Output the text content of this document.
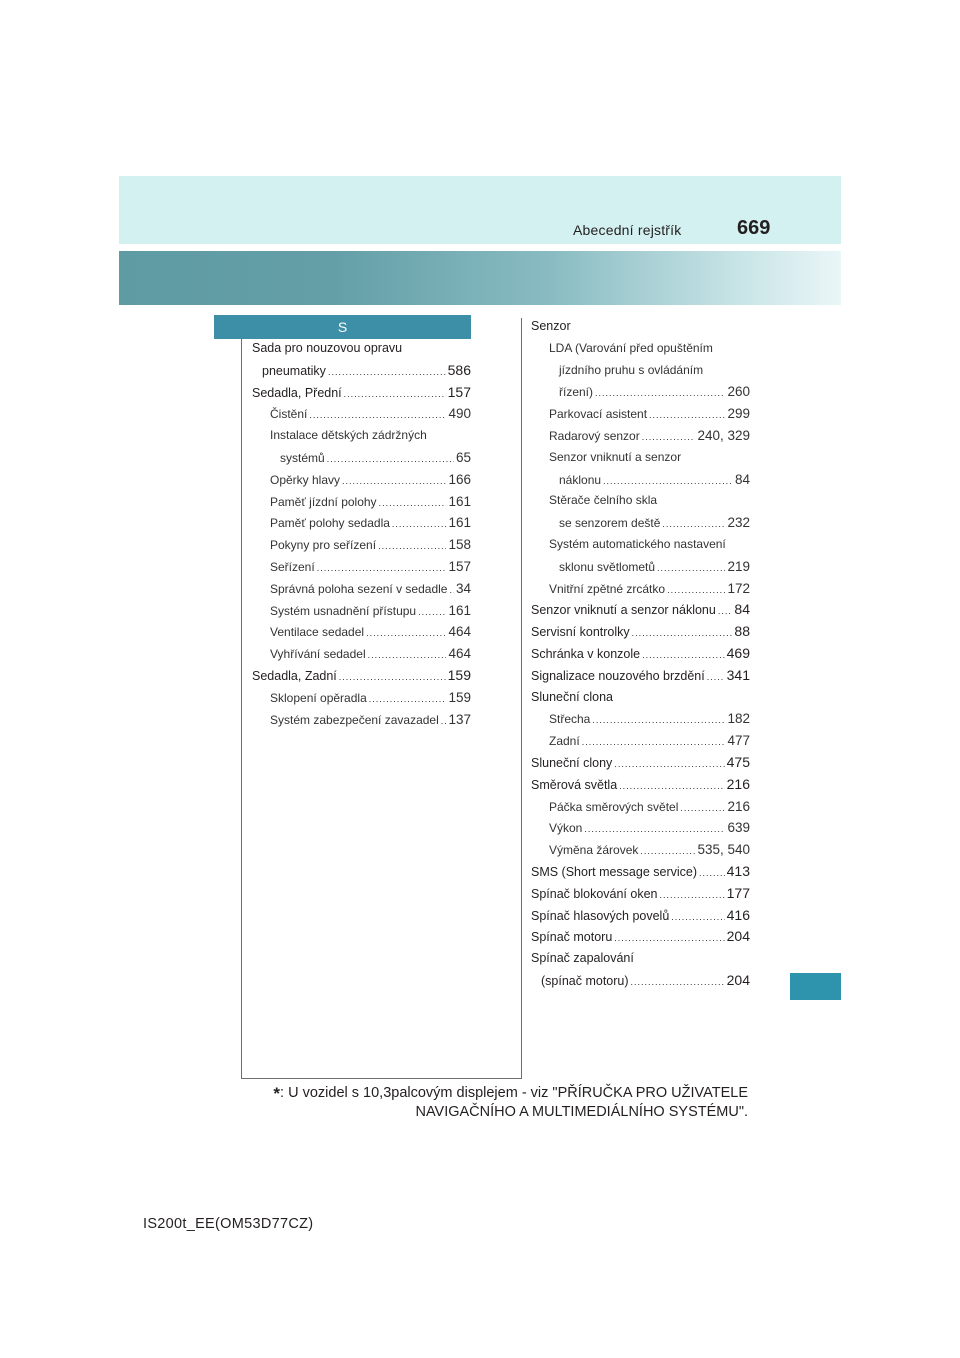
Abecední rejstřík	669
S
Sada pro nouzovou opravu
pneumatiky .....	586
Sedadla, Přední .....	157
Čistění .....	490
Instalace dětských zádržných
systémů .....	65
Opěrky hlavy .....	166
Paměť jízdní polohy .....	161
Paměť polohy sedadla .....	161
Pokyny pro seřízení .....	158
Seřízení .....	157
Správná poloha sezení v sedadle ..... 34
Systém usnadnění přístupu ..... 161
Ventilace sedadel .....	464
Vyhřívání sedadel .....	464
Sedadla, Zadní .....	159
Sklopení opěradla .....	159
Systém zabezpečení zavazadel ..... 137
Senzor
LDA (Varování před opuštěním
jízdního pruhu s ovládáním
řízení) .....	260
Parkovací asistent .....	299
Radarový senzor .....	240, 329
Senzor vniknutí a senzor
náklonu .....	84
Stěrače čelního skla
se senzorem deště .....	232
Systém automatického nastavení
sklonu světlometů .....	219
Vnitřní zpětné zrcátko .....	172
Senzor vniknutí a senzor náklonu ..... 84
Servisní kontrolky .....	88
Schránka v konzole .....	469
Signalizace nouzového brzdění ..... 341
Sluneční clona
Střecha .....	182
Zadní .....	477
Sluneční clony .....	475
Směrová světla .....	216
Páčka směrových světel .....	216
Výkon .....	639
Výměna žárovek .....	535, 540
SMS (Short message service) ..... 413
Spínač blokování oken .....	177
Spínač hlasových povelů .....	416
Spínač motoru .....	204
Spínač zapalování
(spínač motoru) .....	204
*: U vozidel s 10,3palcovým displejem - viz "PŘÍRUČKA PRO UŽIVATELE
NAVIGAČNÍHO A MULTIMEDIÁLNÍHO SYSTÉMU".
IS200t_EE(OM53D77CZ)
